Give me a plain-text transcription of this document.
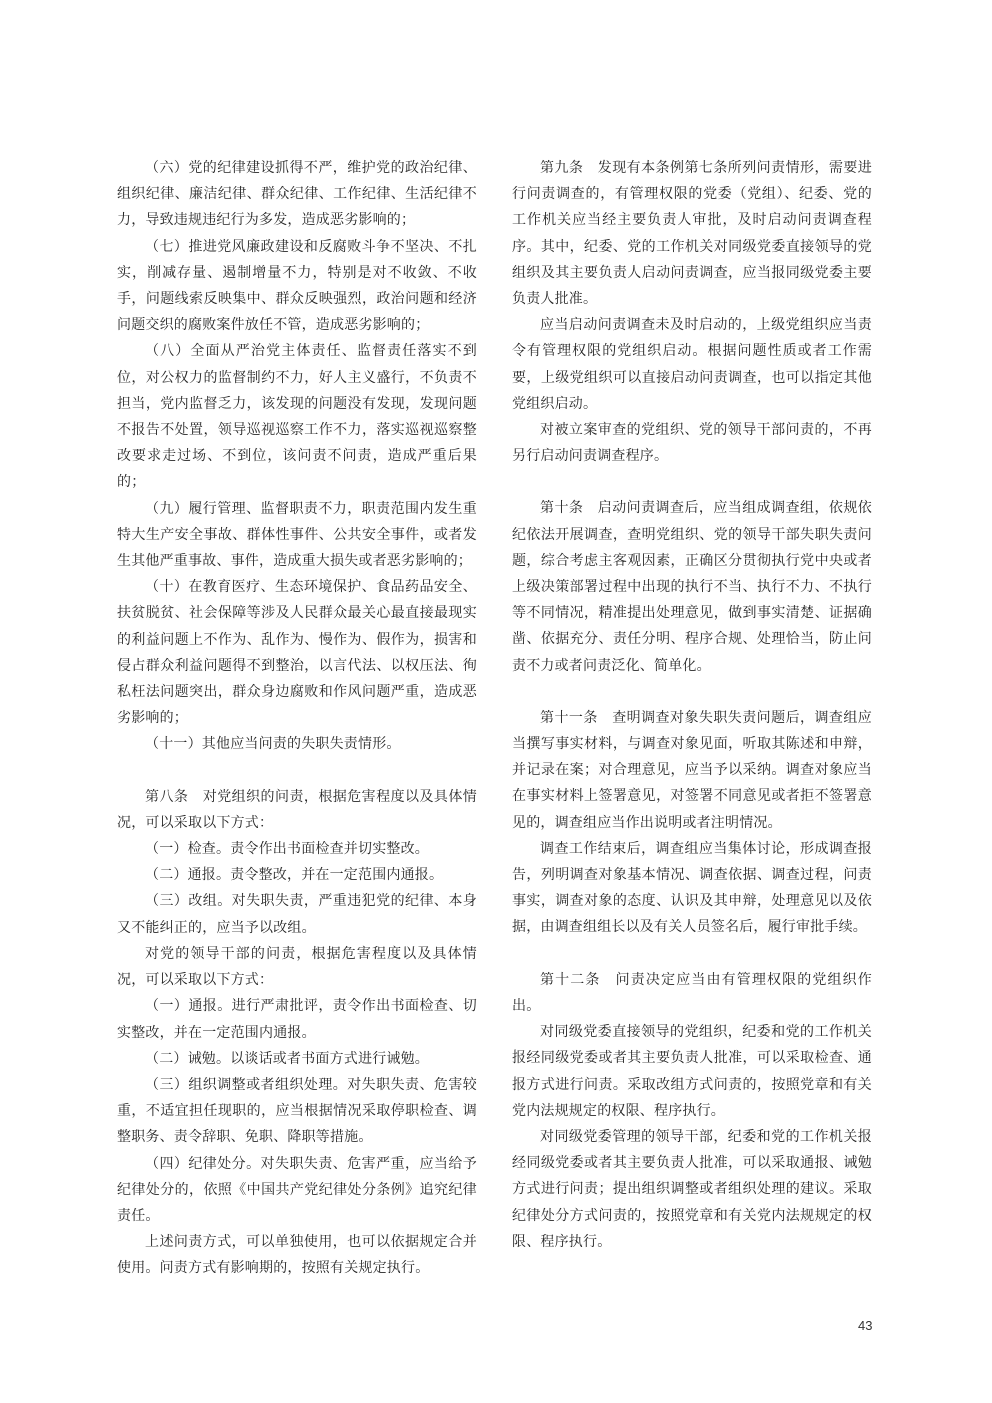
（六）党的纪律建设抓得不严，维护党的政治纪律、组织纪律、廉洁纪律、群众纪律、工作纪律、生活纪律不力，导致违规违纪行为多发，造成恶劣影响的；

（七）推进党风廉政建设和反腐败斗争不坚决、不扎实，削减存量、遏制增量不力，特别是对不收敛、不收手，问题线索反映集中、群众反映强烈，政治问题和经济问题交织的腐败案件放任不管，造成恶劣影响的；

（八）全面从严治党主体责任、监督责任落实不到位，对公权力的监督制约不力，好人主义盛行，不负责不担当，党内监督乏力，该发现的问题没有发现，发现问题不报告不处置，领导巡视巡察工作不力，落实巡视巡察整改要求走过场、不到位，该问责不问责，造成严重后果的；

（九）履行管理、监督职责不力，职责范围内发生重特大生产安全事故、群体性事件、公共安全事件，或者发生其他严重事故、事件，造成重大损失或者恶劣影响的；

（十）在教育医疗、生态环境保护、食品药品安全、扶贫脱贫、社会保障等涉及人民群众最关心最直接最现实的利益问题上不作为、乱作为、慢作为、假作为，损害和侵占群众利益问题得不到整治，以言代法、以权压法、徇私枉法问题突出，群众身边腐败和作风问题严重，造成恶劣影响的；

（十一）其他应当问责的失职失责情形。

第八条　对党组织的问责，根据危害程度以及具体情况，可以采取以下方式：

（一）检查。责令作出书面检查并切实整改。

（二）通报。责令整改，并在一定范围内通报。

（三）改组。对失职失责，严重违犯党的纪律、本身又不能纠正的，应当予以改组。

对党的领导干部的问责，根据危害程度以及具体情况，可以采取以下方式：

（一）通报。进行严肃批评，责令作出书面检查、切实整改，并在一定范围内通报。

（二）诫勉。以谈话或者书面方式进行诫勉。

（三）组织调整或者组织处理。对失职失责、危害较重，不适宜担任现职的，应当根据情况采取停职检查、调整职务、责令辞职、免职、降职等措施。

（四）纪律处分。对失职失责、危害严重，应当给予纪律处分的，依照《中国共产党纪律处分条例》追究纪律责任。

上述问责方式，可以单独使用，也可以依据规定合并使用。问责方式有影响期的，按照有关规定执行。

第九条　发现有本条例第七条所列问责情形，需要进行问责调查的，有管理权限的党委（党组）、纪委、党的工作机关应当经主要负责人审批，及时启动问责调查程序。其中，纪委、党的工作机关对同级党委直接领导的党组织及其主要负责人启动问责调查，应当报同级党委主要负责人批准。

应当启动问责调查未及时启动的，上级党组织应当责令有管理权限的党组织启动。根据问题性质或者工作需要，上级党组织可以直接启动问责调查，也可以指定其他党组织启动。

对被立案审查的党组织、党的领导干部问责的，不再另行启动问责调查程序。

第十条　启动问责调查后，应当组成调查组，依规依纪依法开展调查，查明党组织、党的领导干部失职失责问题，综合考虑主客观因素，正确区分贯彻执行党中央或者上级决策部署过程中出现的执行不当、执行不力、不执行等不同情况，精准提出处理意见，做到事实清楚、证据确凿、依据充分、责任分明、程序合规、处理恰当，防止问责不力或者问责泛化、简单化。

第十一条　查明调查对象失职失责问题后，调查组应当撰写事实材料，与调查对象见面，听取其陈述和申辩，并记录在案；对合理意见，应当予以采纳。调查对象应当在事实材料上签署意见，对签署不同意见或者拒不签署意见的，调查组应当作出说明或者注明情况。

调查工作结束后，调查组应当集体讨论，形成调查报告，列明调查对象基本情况、调查依据、调查过程，问责事实，调查对象的态度、认识及其申辩，处理意见以及依据，由调查组组长以及有关人员签名后，履行审批手续。

第十二条　问责决定应当由有管理权限的党组织作出。

对同级党委直接领导的党组织，纪委和党的工作机关报经同级党委或者其主要负责人批准，可以采取检查、通报方式进行问责。采取改组方式问责的，按照党章和有关党内法规规定的权限、程序执行。

对同级党委管理的领导干部，纪委和党的工作机关报经同级党委或者其主要负责人批准，可以采取通报、诫勉方式进行问责；提出组织调整或者组织处理的建议。采取纪律处分方式问责的，按照党章和有关党内法规规定的权限、程序执行。

43
